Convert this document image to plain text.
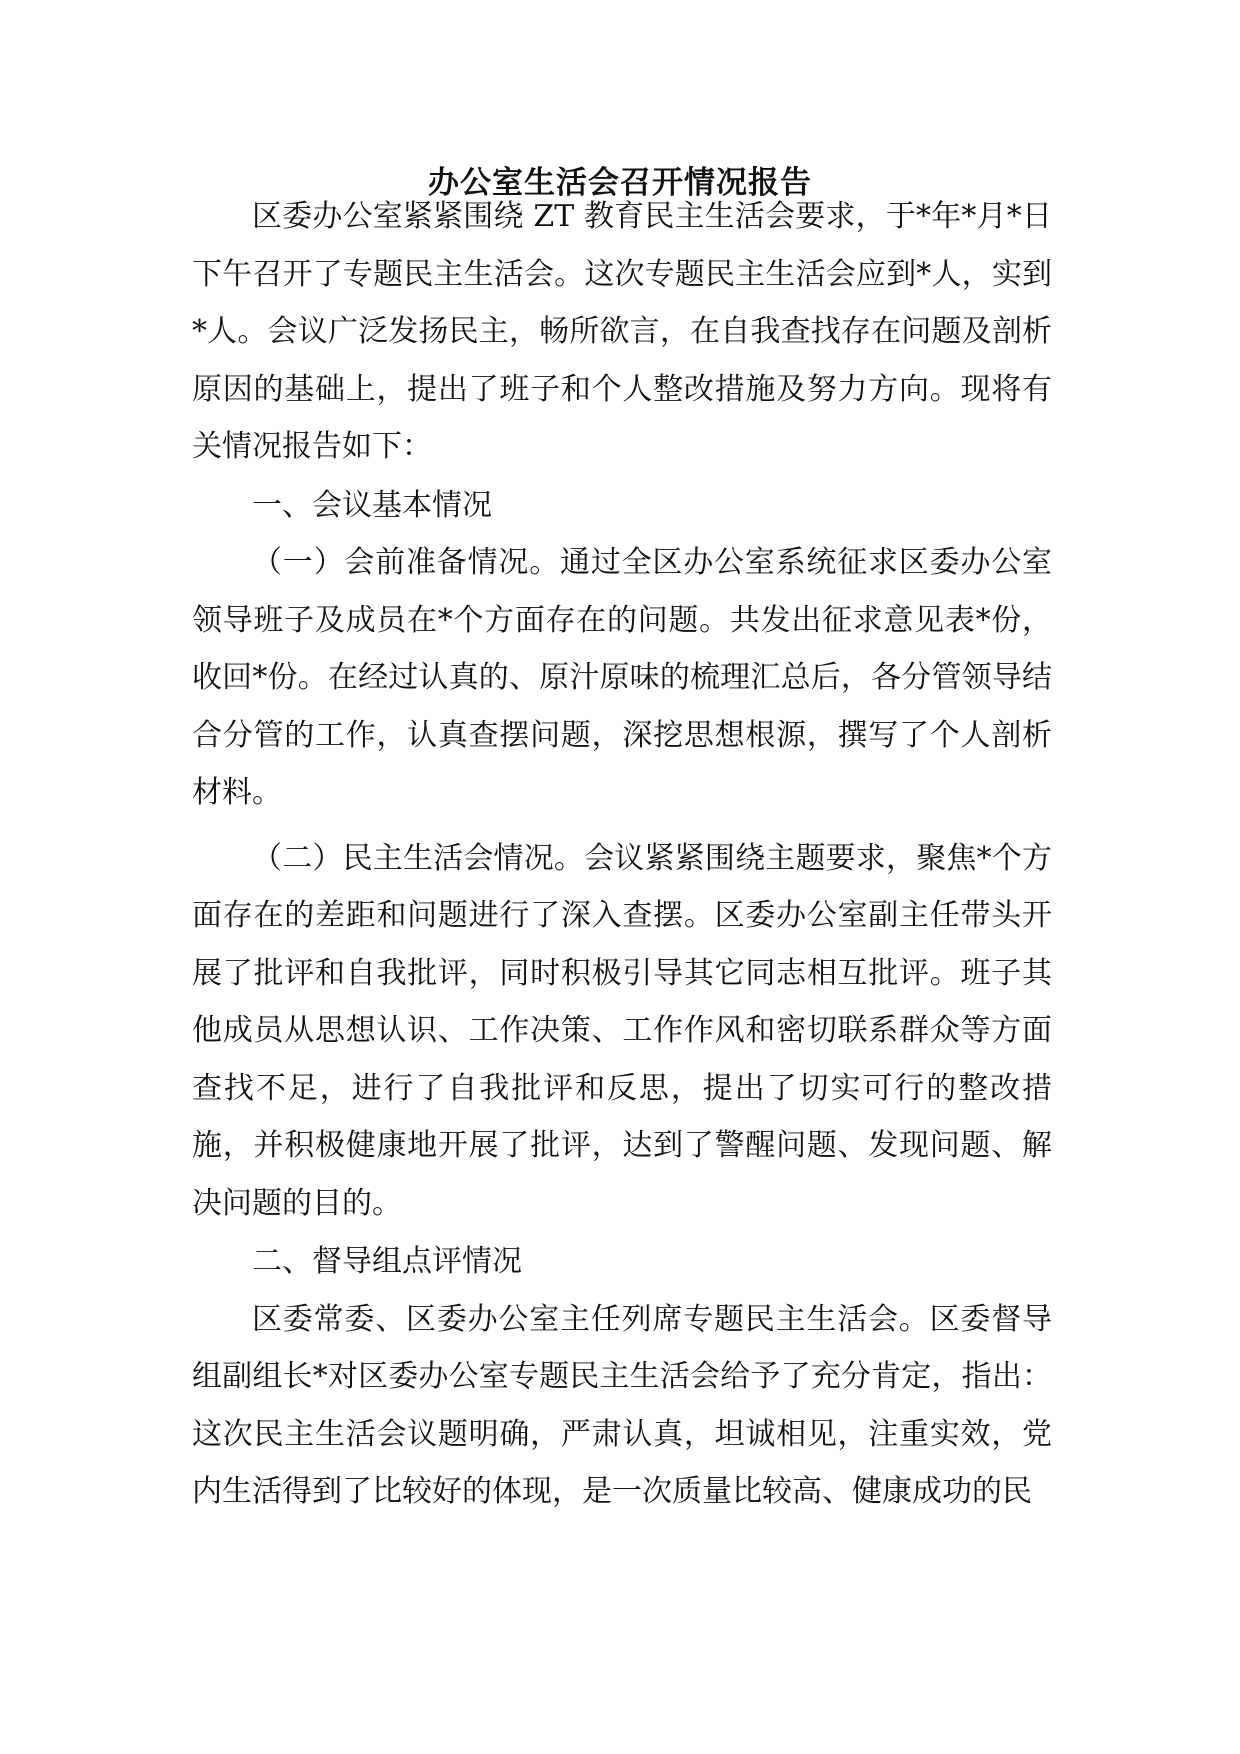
办公室生活会召开情况报告

区委办公室紧紧围绕 ZT 教育民主生活会要求，于*年*月*日下午召开了专题民主生活会。这次专题民主生活会应到*人，实到*人。会议广泛发扬民主，畅所欲言，在自我查找存在问题及剖析原因的基础上，提出了班子和个人整改措施及努力方向。现将有关情况报告如下：

一、会议基本情况

（一）会前准备情况。通过全区办公室系统征求区委办公室领导班子及成员在*个方面存在的问题。共发出征求意见表*份，收回*份。在经过认真的、原汁原味的梳理汇总后，各分管领导结合分管的工作，认真查摆问题，深挖思想根源，撰写了个人剖析材料。

（二）民主生活会情况。会议紧紧围绕主题要求，聚焦*个方面存在的差距和问题进行了深入查摆。区委办公室副主任带头开展了批评和自我批评，同时积极引导其它同志相互批评。班子其他成员从思想认识、工作决策、工作作风和密切联系群众等方面查找不足，进行了自我批评和反思，提出了切实可行的整改措施，并积极健康地开展了批评，达到了警醒问题、发现问题、解决问题的目的。

二、督导组点评情况

区委常委、区委办公室主任列席专题民主生活会。区委督导组副组长*对区委办公室专题民主生活会给予了充分肯定，指出：这次民主生活会议题明确，严肃认真，坦诚相见，注重实效，党内生活得到了比较好的体现，是一次质量比较高、健康成功的民
